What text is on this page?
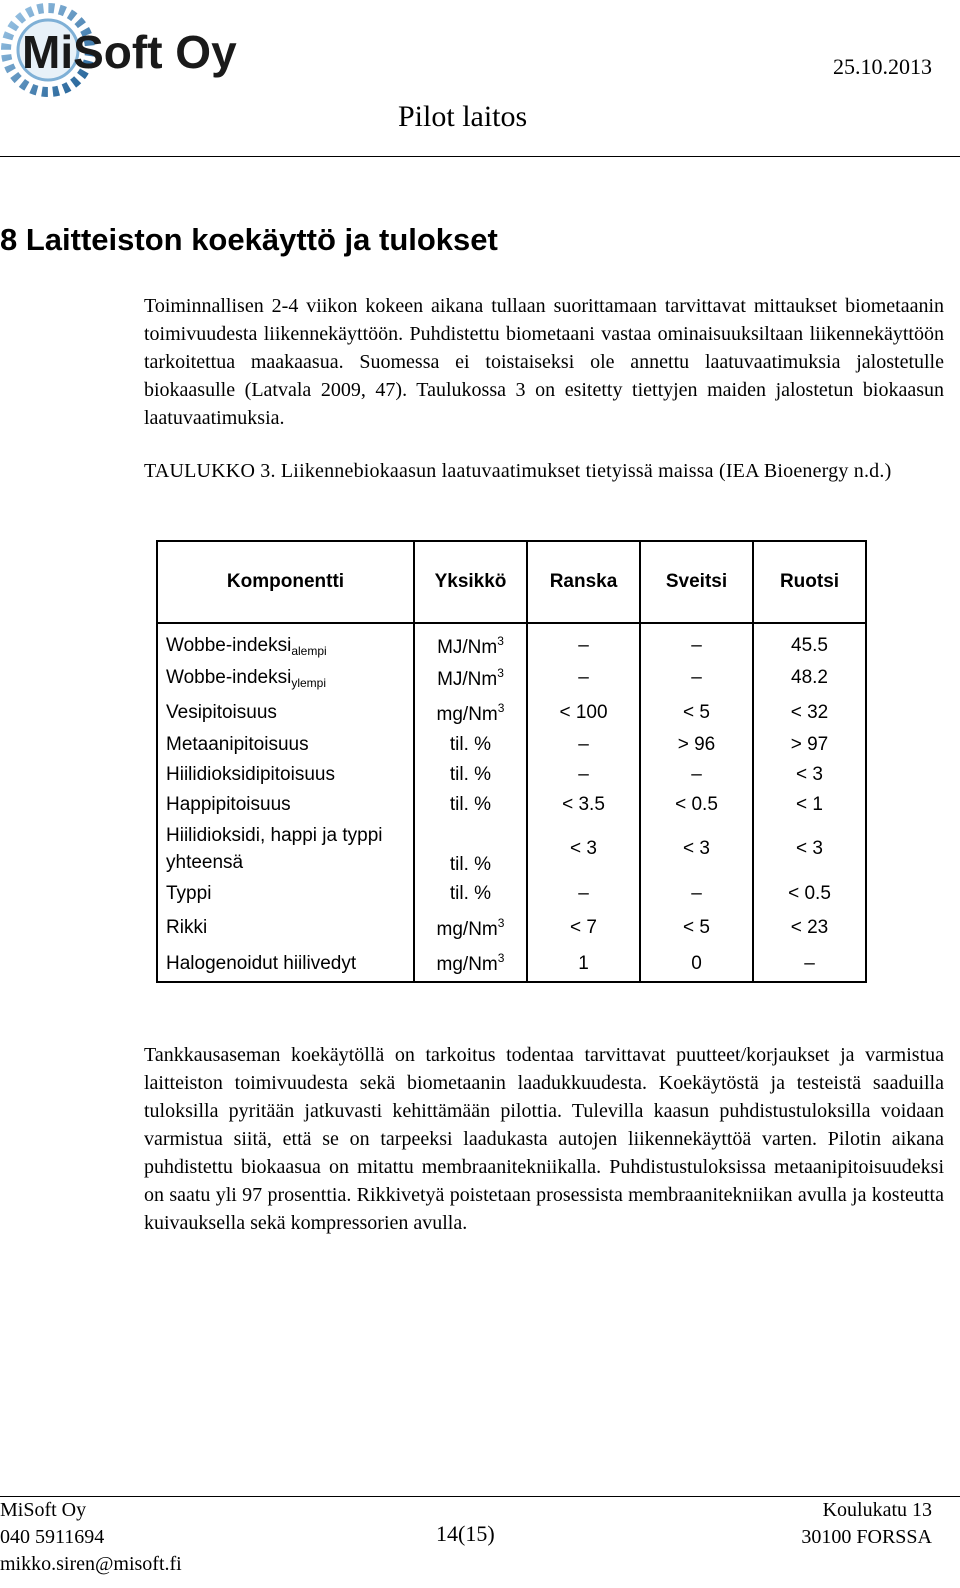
MiSoft Oy	25.10.2013
Pilot laitos
8 Laitteiston koekäyttö ja tulokset
Toiminnallisen 2-4 viikon kokeen aikana tullaan suorittamaan tarvittavat mittaukset biometaanin toimivuudesta liikennekäyttöön. Puhdistettu biometaani vastaa ominaisuuksiltaan liikennekäyttöön tarkoitettua maakaasua. Suomessa ei toistaiseksi ole annettu laatuvaatimuksia jalostetulle biokaasulle (Latvala 2009, 47). Taulukossa 3 on esitetty tiettyjen maiden jalostetun biokaasun laatuvaatimuksia.
TAULUKKO 3. Liikennebiokaasun laatuvaatimukset tietyissä maissa (IEA Bioenergy n.d.)
Komponentti	Yksikkö	Ranska	Sveitsi	Ruotsi
Wobbe-indeksi$_{alempi}$	MJ/Nm$^3$	–	–	45.5
Wobbe-indeksi$_{ylempi}$	MJ/Nm$^3$	–	–	48.2
Vesipitoisuus	$mg/Nm^3$	< 100	< 5	< 32
Metaanipitoisuus	til. %	–	> 96	> 97
Hiilidioksidipitoisuus	til. %	–	–	< 3
Happipitoisuus	til. %	< 3.5	< 0.5	< 1
Hiilidioksidi, happi ja typpi
yhteensä	til. %	< 3	< 3	< 3
Typpi	til. %	–	–	< 0.5
Rikki	$mg/Nm^3$	< 7	< 5	< 23
Halogenoidut hiilivedyt	mg/Nm$^3$	1	0	–
Tankkausaseman koekäytöllä on tarkoitus todentaa tarvittavat puutteet/korjaukset ja varmistua laitteiston toimivuudesta sekä biometaanin laadukkuudesta. Koekäytöstä ja testeistä saaduilla tuloksilla pyritään jatkuvasti kehittämään pilottia. Tulevilla kaasun puhdistustuloksilla voidaan varmistua siitä, että se on tarpeeksi laadukasta autojen liikennekäyttöä varten. Pilotin aikana puhdistettu biokaasua on mitattu membraanitekniikalla. Puhdistustuloksissa metaanipitoisuudeksi on saatu yli 97 prosenttia. Rikkivetyä poistetaan prosessista membraanitekniikan avulla ja kosteutta kuivauksella sekä kompressorien avulla.
MiSoft Oy
040 5911694
mikko.siren@misoft.fi
14(15)
Koulukatu 13
30100 FORSSA
